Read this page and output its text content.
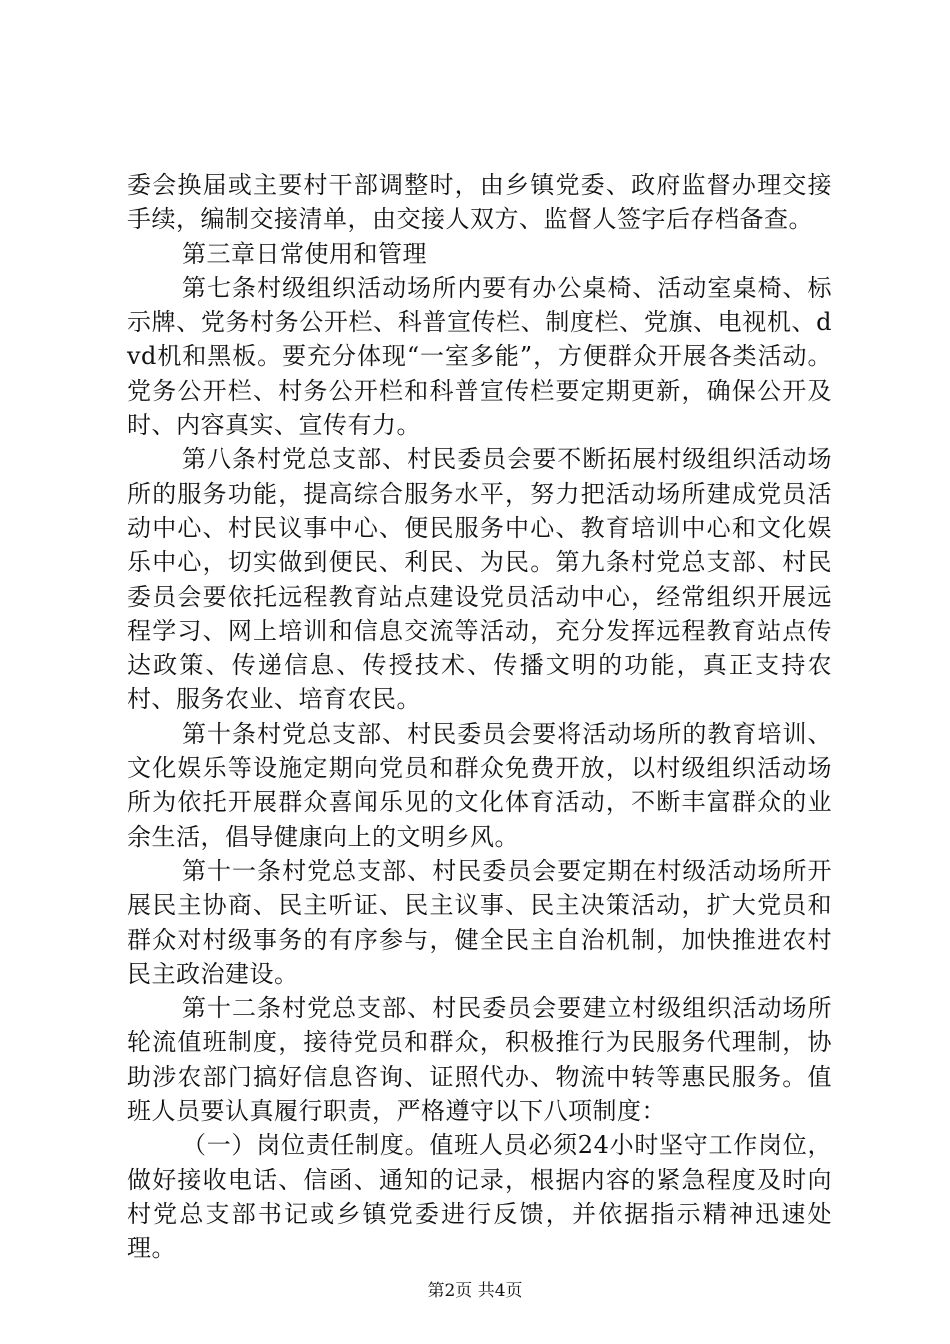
委会换届或主要村干部调整时，由乡镇党委、政府监督办理交接手续，编制交接清单，由交接人双方、监督人签字后存档备查。

第三章日常使用和管理

第七条村级组织活动场所内要有办公桌椅、活动室桌椅、标示牌、党务村务公开栏、科普宣传栏、制度栏、党旗、电视机、dvd机和黑板。要充分体现“一室多能”，方便群众开展各类活动。党务公开栏、村务公开栏和科普宣传栏要定期更新，确保公开及时、内容真实、宣传有力。

第八条村党总支部、村民委员会要不断拓展村级组织活动场所的服务功能，提高综合服务水平，努力把活动场所建成党员活动中心、村民议事中心、便民服务中心、教育培训中心和文化娱乐中心，切实做到便民、利民、为民。第九条村党总支部、村民委员会要依托远程教育站点建设党员活动中心，经常组织开展远程学习、网上培训和信息交流等活动，充分发挥远程教育站点传达政策、传递信息、传授技术、传播文明的功能，真正支持农村、服务农业、培育农民。

第十条村党总支部、村民委员会要将活动场所的教育培训、文化娱乐等设施定期向党员和群众免费开放，以村级组织活动场所为依托开展群众喜闻乐见的文化体育活动，不断丰富群众的业余生活，倡导健康向上的文明乡风。

第十一条村党总支部、村民委员会要定期在村级活动场所开展民主协商、民主听证、民主议事、民主决策活动，扩大党员和群众对村级事务的有序参与，健全民主自治机制，加快推进农村民主政治建设。

第十二条村党总支部、村民委员会要建立村级组织活动场所轮流值班制度，接待党员和群众，积极推行为民服务代理制，协助涉农部门搞好信息咨询、证照代办、物流中转等惠民服务。值班人员要认真履行职责，严格遵守以下八项制度：

（一）岗位责任制度。值班人员必须24小时坚守工作岗位，做好接收电话、信函、通知的记录，根据内容的紧急程度及时向村党总支部书记或乡镇党委进行反馈，并依据指示精神迅速处理。

第2页 共4页
